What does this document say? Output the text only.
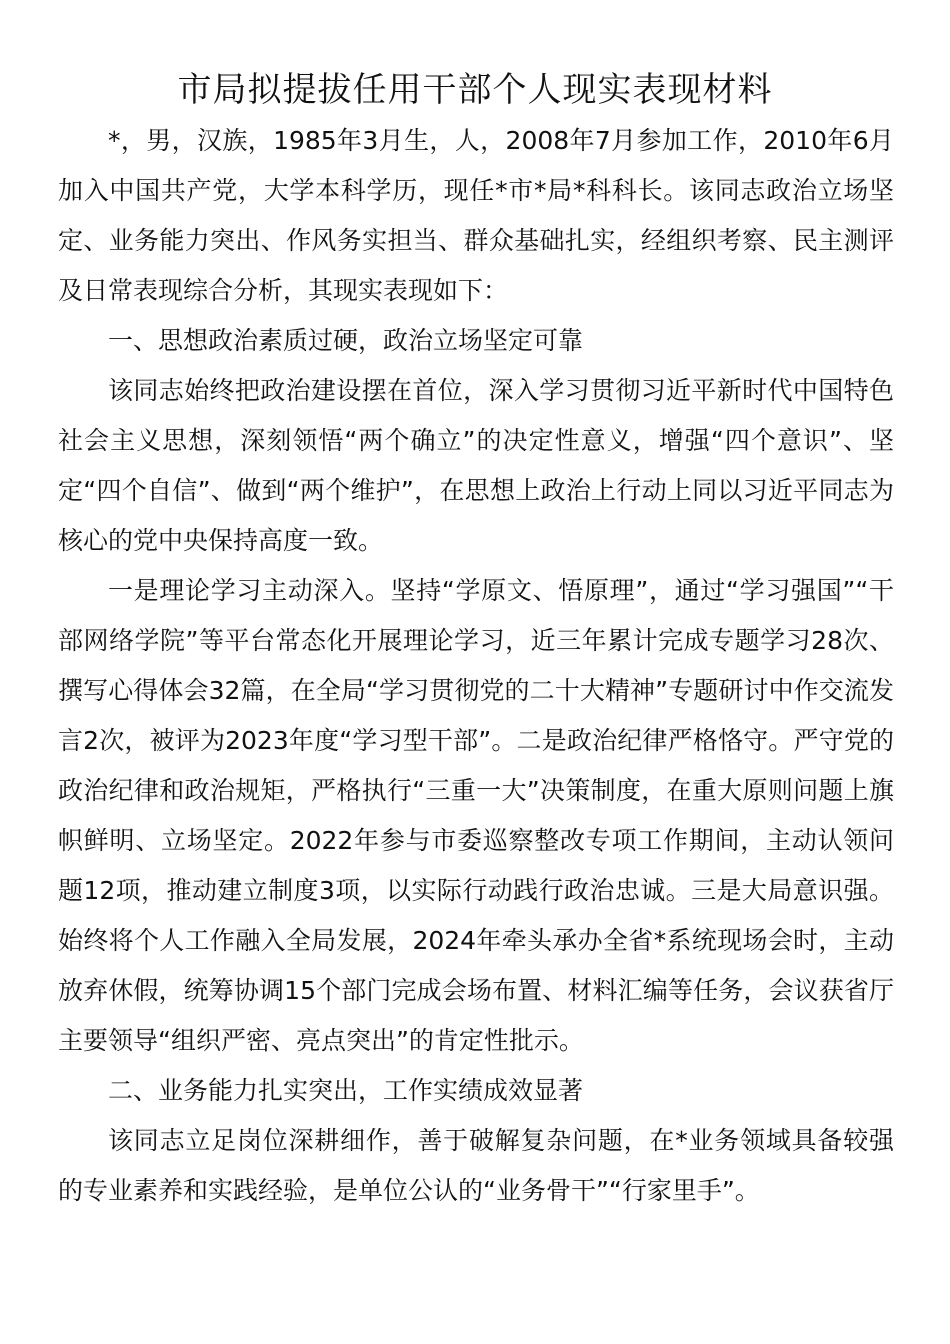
市局拟提拔任用干部个人现实表现材料

*，男，汉族，1985年3月生，人，2008年7月参加工作，2010年6月加入中国共产党，大学本科学历，现任*市*局*科科长。该同志政治立场坚定、业务能力突出、作风务实担当、群众基础扎实，经组织考察、民主测评及日常表现综合分析，其现实表现如下：

一、思想政治素质过硬，政治立场坚定可靠

该同志始终把政治建设摆在首位，深入学习贯彻习近平新时代中国特色社会主义思想，深刻领悟“两个确立”的决定性意义，增强“四个意识”、坚定“四个自信”、做到“两个维护”，在思想上政治上行动上同以习近平同志为核心的党中央保持高度一致。

一是理论学习主动深入。坚持“学原文、悟原理”，通过“学习强国”“干部网络学院”等平台常态化开展理论学习，近三年累计完成专题学习28次、撰写心得体会32篇，在全局“学习贯彻党的二十大精神”专题研讨中作交流发言2次，被评为2023年度“学习型干部”。二是政治纪律严格恪守。严守党的政治纪律和政治规矩，严格执行“三重一大”决策制度，在重大原则问题上旗帜鲜明、立场坚定。2022年参与市委巡察整改专项工作期间，主动认领问题12项，推动建立制度3项，以实际行动践行政治忠诚。三是大局意识强。始终将个人工作融入全局发展，2024年牵头承办全省*系统现场会时，主动放弃休假，统筹协调15个部门完成会场布置、材料汇编等任务，会议获省厅主要领导“组织严密、亮点突出”的肯定性批示。

二、业务能力扎实突出，工作实绩成效显著

该同志立足岗位深耕细作，善于破解复杂问题，在*业务领域具备较强的专业素养和实践经验，是单位公认的“业务骨干”“行家里手”。
